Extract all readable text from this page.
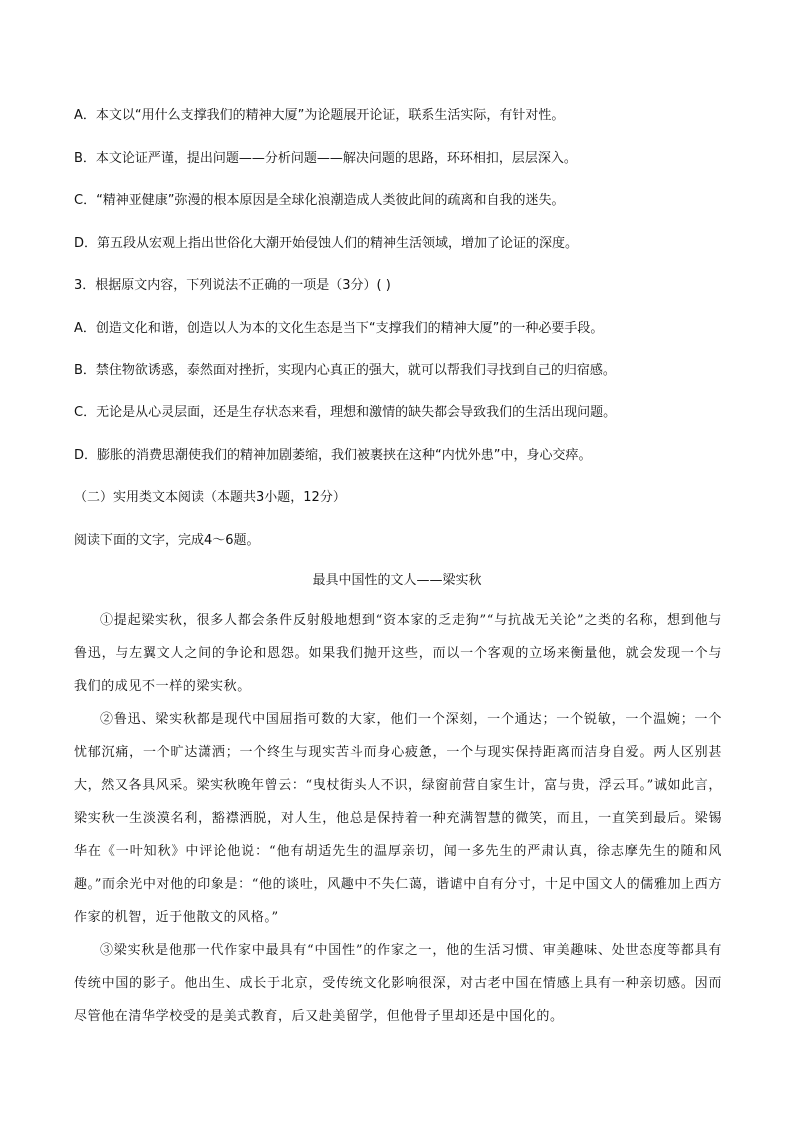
A．本文以“用什么支撑我们的精神大厦”为论题展开论证，联系生活实际，有针对性。
B．本文论证严谨，提出问题——分析问题——解决问题的思路，环环相扣，层层深入。
C．“精神亚健康”弥漫的根本原因是全球化浪潮造成人类彼此间的疏离和自我的迷失。
D．第五段从宏观上指出世俗化大潮开始侵蚀人们的精神生活领域，增加了论证的深度。
3．根据原文内容，下列说法不正确的一项是（3分）( )
A．创造文化和谐，创造以人为本的文化生态是当下“支撑我们的精神大厦”的一种必要手段。
B．禁住物欲诱惑，泰然面对挫折，实现内心真正的强大，就可以帮我们寻找到自己的归宿感。
C．无论是从心灵层面，还是生存状态来看，理想和激情的缺失都会导致我们的生活出现问题。
D．膨胀的消费思潮使我们的精神加剧萎缩，我们被裹挟在这种“内忧外患”中，身心交瘁。
（二）实用类文本阅读（本题共3小题，12分）
阅读下面的文字，完成4～6题。
最具中国性的文人——梁实秋
①提起梁实秋，很多人都会条件反射般地想到“资本家的乏走狗”“与抗战无关论”之类的名称，想到他与鲁迅，与左翼文人之间的争论和恩怨。如果我们抛开这些，而以一个客观的立场来衡量他，就会发现一个与我们的成见不一样的梁实秋。
②鲁迅、梁实秋都是现代中国屈指可数的大家，他们一个深刻，一个通达；一个锐敏，一个温婉；一个忧郁沉痛，一个旷达潇洒；一个终生与现实苦斗而身心疲惫，一个与现实保持距离而洁身自爱。两人区别甚大，然又各具风采。梁实秋晚年曾云：“曳杖街头人不识，绿窗前营自家生计，富与贵，浮云耳。”诚如此言，梁实秋一生淡漠名利，豁襟洒脱，对人生，他总是保持着一种充满智慧的微笑，而且，一直笑到最后。梁锡华在《一叶知秋》中评论他说：“他有胡适先生的温厚亲切，闻一多先生的严肃认真，徐志摩先生的随和风趣。”而余光中对他的印象是：“他的谈吐，风趣中不失仁蔼，谐谑中自有分寸，十足中国文人的儒雅加上西方作家的机智，近于他散文的风格。”
③梁实秋是他那一代作家中最具有“中国性”的作家之一，他的生活习惯、审美趣味、处世态度等都具有传统中国的影子。他出生、成长于北京，受传统文化影响很深，对古老中国在情感上具有一种亲切感。因而尽管他在清华学校受的是美式教育，后又赴美留学，但他骨子里却还是中国化的。
